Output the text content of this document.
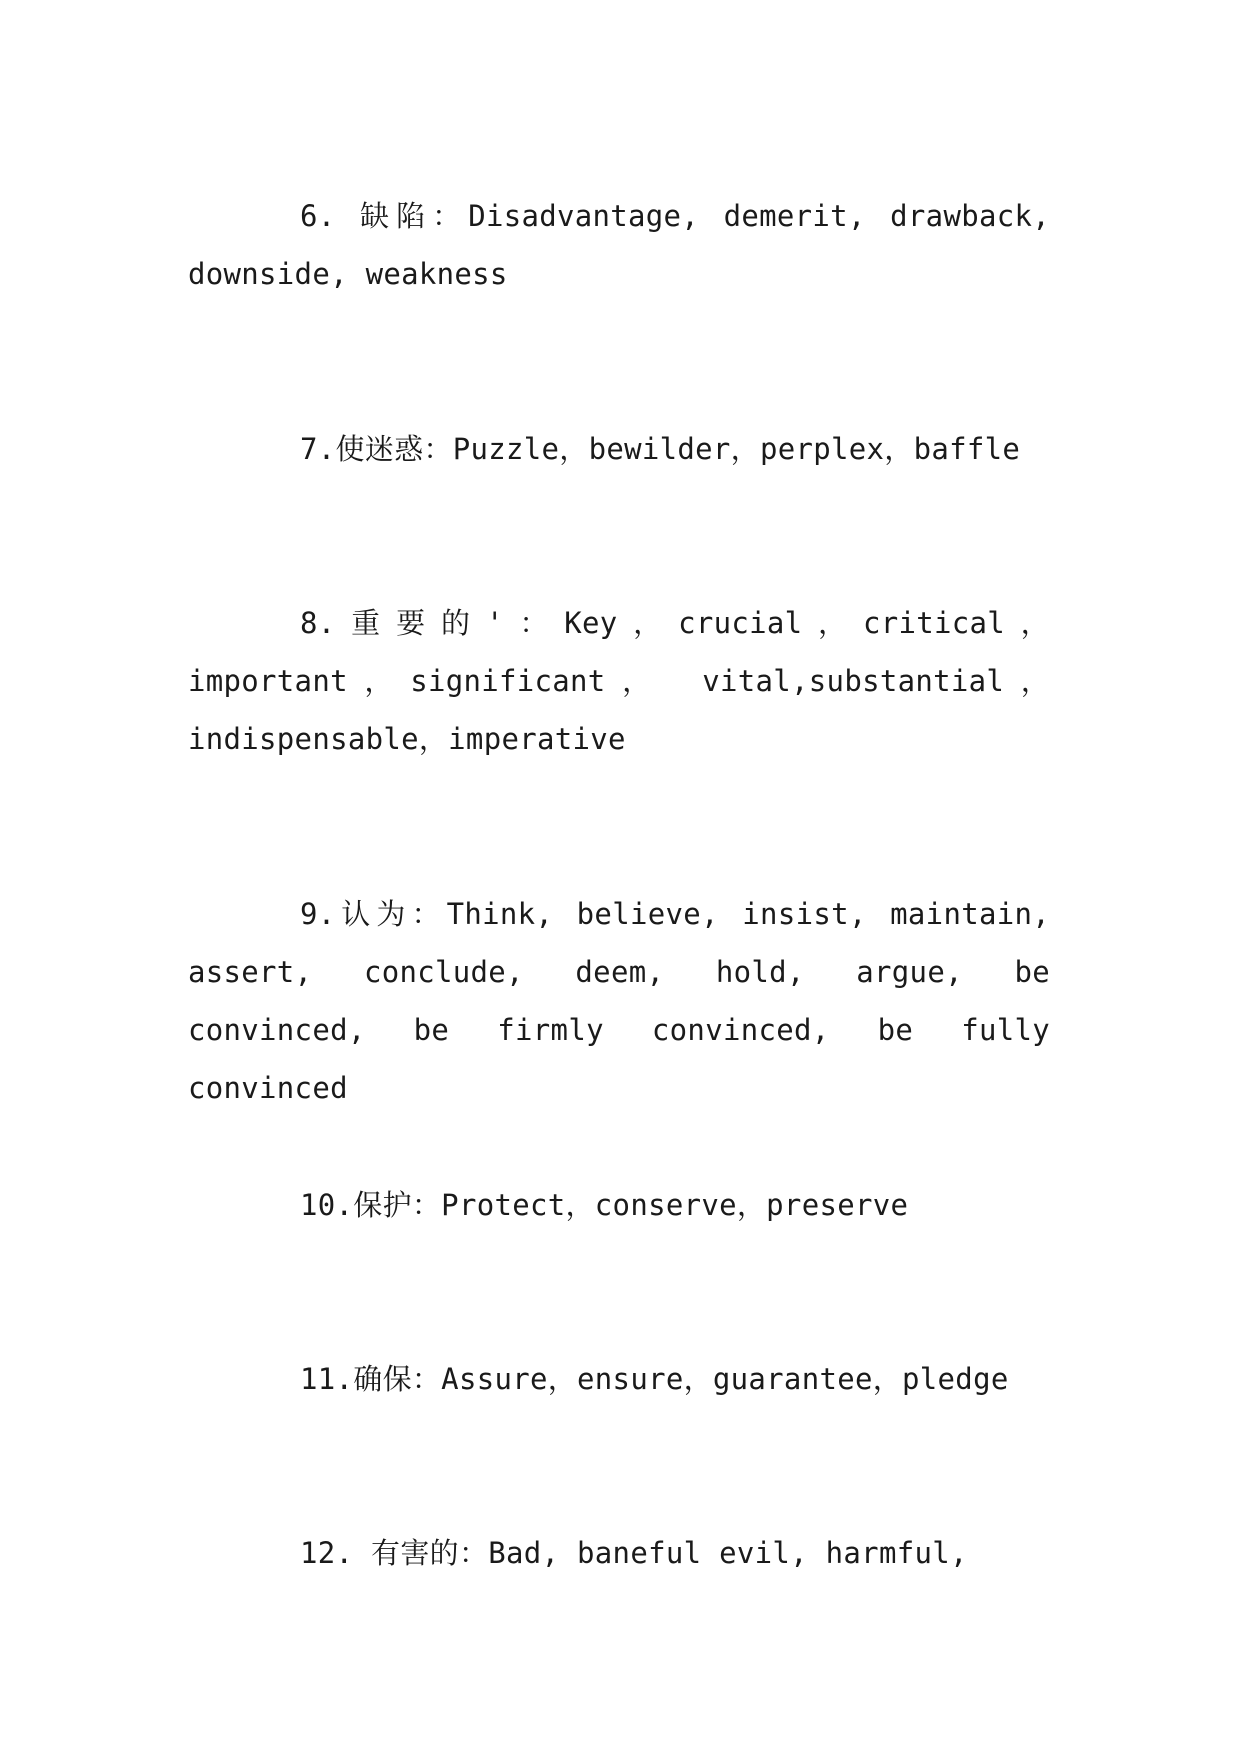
6. 缺陷：Disadvantage, demerit, drawback, downside, weakness

7.使迷惑：Puzzle，bewilder，perplex，baffle

8.重要的'：Key，crucial，critical，important，significant， vital,substantial， indispensable，imperative

9.认为：Think, believe, insist, maintain, assert, conclude, deem, hold, argue, be convinced, be firmly convinced, be fully convinced

10.保护：Protect，conserve，preserve

11.确保：Assure，ensure，guarantee，pledge

12. 有害的：Bad, baneful evil, harmful,
